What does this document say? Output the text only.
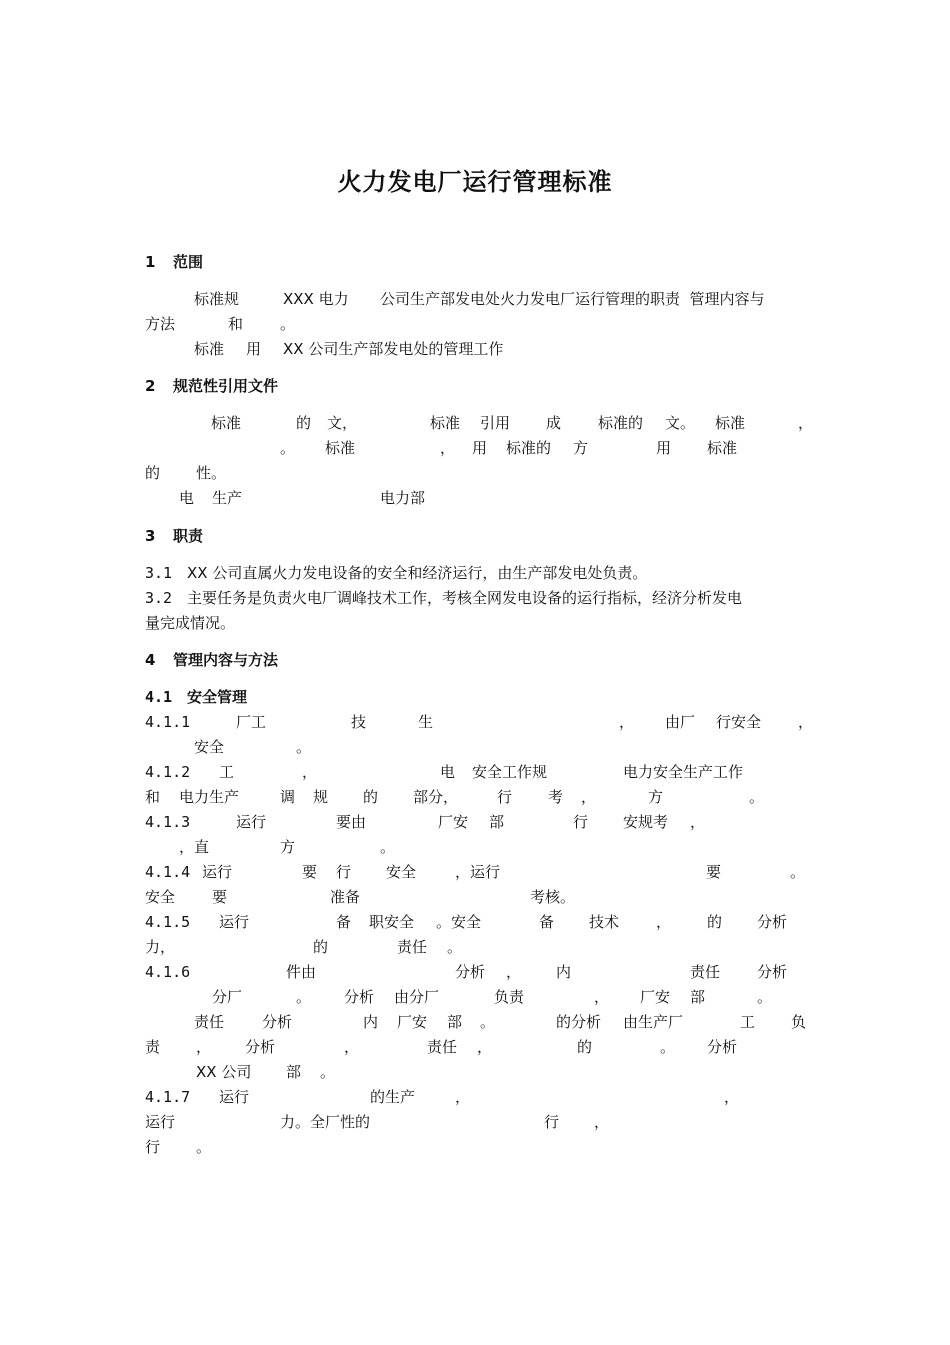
火力发电厂运行管理标准
1 范围
标准规	XXX 电力 公司生产部发电处火力发电厂运行管理的职责  管理内容与
方法	和 。
标准 用 XX 公司生产部发电处的管理工作
2 规范性引用文件
标准	的 文，	标准 引用 成 标准的 文。 标准	，
。 标准	， 用 标准的 方	用 标准
的 性。
电 生产	电力部
3 职责
3.1 XX 公司直属火力发电设备的安全和经济运行，由生产部发电处负责。
3.2 主要任务是负责火电厂调峰技术工作，考核全网发电设备的运行指标，经济分析发电
量完成情况。
4 管理内容与方法
4.1 安全管理
4.1.1	厂工	技	生	， 由厂 行安全 ，
安全	。
4.1.2 工	，	电 安全工作规	电力安全生产工作
和 电力生产	调 规 的 部分，	行 考 ，	方	。
4.1.3	运行	要由	厂安 部	行 安规考 ，
，直	方	。
4.1.4 运行	要 行 安全	，运行	要	。
安全 要	准备	考核。
4.1.5 运行	备 职安全 。安全	备 技术 ， 的 分析
力，	的	责任 。
4.1.6	件由	分析 ， 内	责任 分析
分厂	。 分析 由分厂	负责	， 厂安 部	。
责任	分析	内 厂安 部 。	的分析 由生产厂	工 负
责 ， 分析	，	责任 ，	的	。 分析
XX 公司 部 。
4.1.7 运行	的生产	，	，
运行	力。全厂性的	行 ，
行 。
